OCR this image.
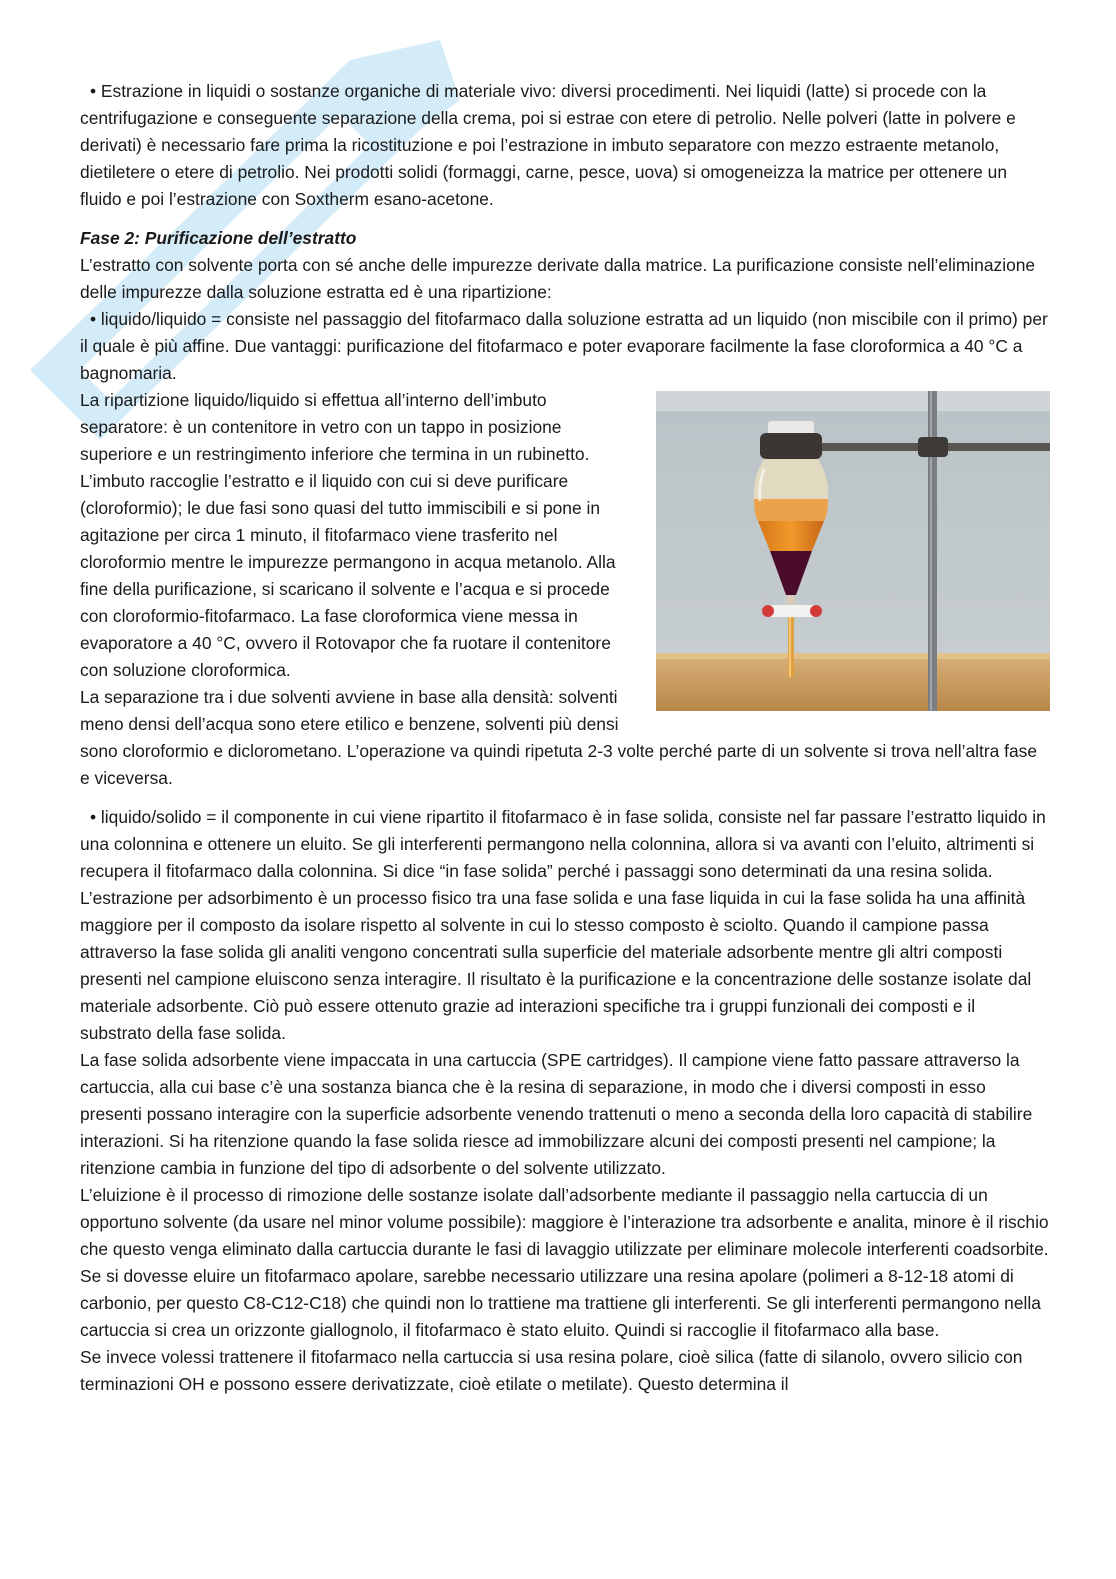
• Estrazione in liquidi o sostanze organiche di materiale vivo: diversi procedimenti. Nei liquidi (latte) si procede con la centrifugazione e conseguente separazione della crema, poi si estrae con etere di petrolio. Nelle polveri (latte in polvere e derivati) è necessario fare prima la ricostituzione e poi l’estrazione in imbuto separatore con mezzo estraente metanolo, dietiletere o etere di petrolio. Nei prodotti solidi (formaggi, carne, pesce, uova) si omogeneizza la matrice per ottenere un fluido e poi l’estrazione con Soxtherm esano-acetone.

Fase 2: Purificazione dell’estratto

L’estratto con solvente porta con sé anche delle impurezze derivate dalla matrice. La purificazione consiste nell’eliminazione delle impurezze dalla soluzione estratta ed è una ripartizione:

• liquido/liquido = consiste nel passaggio del fitofarmaco dalla soluzione estratta ad un liquido (non miscibile con il primo) per il quale è più affine. Due vantaggi: purificazione del fitofarmaco e poter evaporare facilmente la fase cloroformica a 40 °C a bagnomaria.

La ripartizione liquido/liquido si effettua all’interno dell’imbuto separatore: è un contenitore in vetro con un tappo in posizione superiore e un restringimento inferiore che termina in un rubinetto. L’imbuto raccoglie l’estratto e il liquido con cui si deve purificare (cloroformio); le due fasi sono quasi del tutto immiscibili e si pone in agitazione per circa 1 minuto, il fitofarmaco viene trasferito nel cloroformio mentre le impurezze permangono in acqua metanolo. Alla fine della purificazione, si scaricano il solvente e l’acqua e si procede con cloroformio-fitofarmaco. La fase cloroformica viene messa in evaporatore a 40 °C, ovvero il Rotovapor che fa ruotare il contenitore con soluzione cloroformica.

La separazione tra i due solventi avviene in base alla densità: solventi meno densi dell’acqua sono etere etilico e benzene, solventi più densi sono cloroformio e diclorometano. L’operazione va quindi ripetuta 2-3 volte perché parte di un solvente si trova nell’altra fase e viceversa.

• liquido/solido = il componente in cui viene ripartito il fitofarmaco è in fase solida, consiste nel far passare l’estratto liquido in una colonnina e ottenere un eluito. Se gli interferenti permangono nella colonnina, allora si va avanti con l’eluito, altrimenti si recupera il fitofarmaco dalla colonnina. Si dice “in fase solida” perché i passaggi sono determinati da una resina solida.

L’estrazione per adsorbimento è un processo fisico tra una fase solida e una fase liquida in cui la fase solida ha una affinità maggiore per il composto da isolare rispetto al solvente in cui lo stesso composto è sciolto. Quando il campione passa attraverso la fase solida gli analiti vengono concentrati sulla superficie del materiale adsorbente mentre gli altri composti presenti nel campione eluiscono senza interagire. Il risultato è la purificazione e la concentrazione delle sostanze isolate dal materiale adsorbente. Ciò può essere ottenuto grazie ad interazioni specifiche tra i gruppi funzionali dei composti e il substrato della fase solida.

La fase solida adsorbente viene impaccata in una cartuccia (SPE cartridges). Il campione viene fatto passare attraverso la cartuccia, alla cui base c’è una sostanza bianca che è la resina di separazione, in modo che i diversi composti in esso presenti possano interagire con la superficie adsorbente venendo trattenuti o meno a seconda della loro capacità di stabilire interazioni. Si ha ritenzione quando la fase solida riesce ad immobilizzare alcuni dei composti presenti nel campione; la ritenzione cambia in funzione del tipo di adsorbente o del solvente utilizzato.

L’eluizione è il processo di rimozione delle sostanze isolate dall’adsorbente mediante il passaggio nella cartuccia di un opportuno solvente (da usare nel minor volume possibile): maggiore è l’interazione tra adsorbente e analita, minore è il rischio che questo venga eliminato dalla cartuccia durante le fasi di lavaggio utilizzate per eliminare molecole interferenti coadsorbite.

Se si dovesse eluire un fitofarmaco apolare, sarebbe necessario utilizzare una resina apolare (polimeri a 8-12-18 atomi di carbonio, per questo C8-C12-C18) che quindi non lo trattiene ma trattiene gli interferenti. Se gli interferenti permangono nella cartuccia si crea un orizzonte giallognolo, il fitofarmaco è stato eluito. Quindi si raccoglie il fitofarmaco alla base.

Se invece volessi trattenere il fitofarmaco nella cartuccia si usa resina polare, cioè silica (fatte di silanolo, ovvero silicio con terminazioni OH e possono essere derivatizzate, cioè etilate o metilate). Questo determina il
